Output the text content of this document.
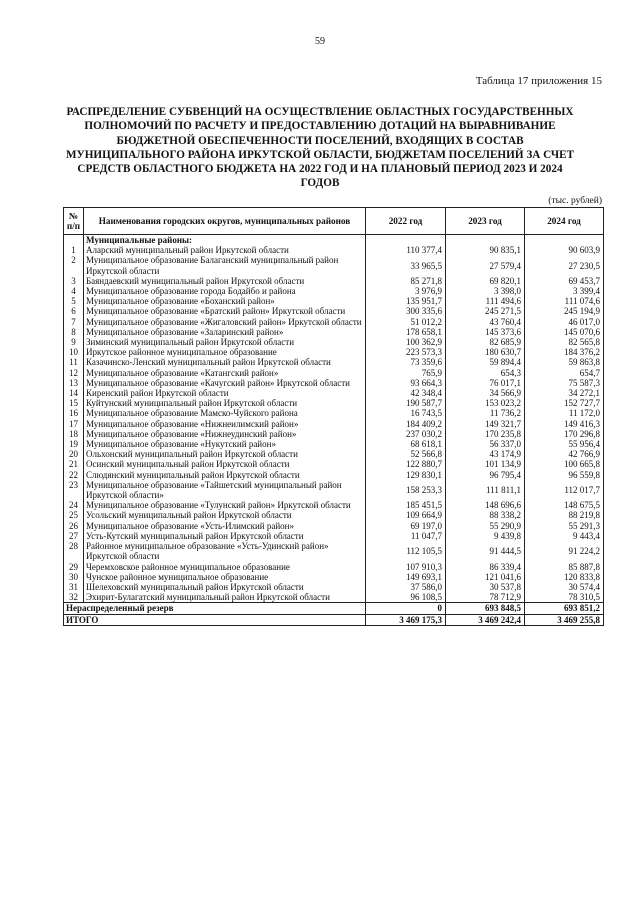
59
Таблица 17 приложения 15
РАСПРЕДЕЛЕНИЕ СУБВЕНЦИЙ НА ОСУЩЕСТВЛЕНИЕ ОБЛАСТНЫХ ГОСУДАРСТВЕННЫХ ПОЛНОМОЧИЙ ПО РАСЧЕТУ И ПРЕДОСТАВЛЕНИЮ ДОТАЦИЙ НА ВЫРАВНИВАНИЕ БЮДЖЕТНОЙ ОБЕСПЕЧЕННОСТИ ПОСЕЛЕНИЙ, ВХОДЯЩИХ В СОСТАВ МУНИЦИПАЛЬНОГО РАЙОНА ИРКУТСКОЙ ОБЛАСТИ, БЮДЖЕТАМ ПОСЕЛЕНИЙ ЗА СЧЕТ СРЕДСТВ ОБЛАСТНОГО БЮДЖЕТА НА 2022 ГОД И НА ПЛАНОВЫЙ ПЕРИОД 2023 И 2024 ГОДОВ
(тыс. рублей)
№ п/п	Наименования городских округов, муниципальных районов	2022 год	2023 год	2024 год
	Муниципальные районы:			
1	Аларский муниципальный район Иркутской области	110 377,4	90 835,1	90 603,9
2	Муниципальное образование Балаганский муниципальный район Иркутской области	33 965,5	27 579,4	27 230,5
3	Баяндаевский муниципальный район Иркутской области	85 271,8	69 820,1	69 453,7
4	Муниципальное образование города Бодайбо и района	3 976,9	3 398,0	3 399,4
5	Муниципальное образование «Боханский район»	135 951,7	111 494,6	111 074,6
6	Муниципальное образование «Братский район» Иркутской области	300 335,6	245 271,5	245 194,9
7	Муниципальное образование «Жигаловский район» Иркутской области	51 012,2	43 760,4	46 017,0
8	Муниципальное образование «Заларинский район»	178 658,1	145 373,6	145 070,6
9	Зиминский муниципальный район Иркутской области	100 362,9	82 685,9	82 565,8
10	Иркутское районное муниципальное образование	223 573,3	180 630,7	184 376,2
11	Казачинско-Ленский муниципальный район Иркутской области	73 359,6	59 894,4	59 863,8
12	Муниципальное образование «Катангский район»	765,9	654,3	654,7
13	Муниципальное образование «Качугский район» Иркутской области	93 664,3	76 017,1	75 587,3
14	Киренский район Иркутской области	42 348,4	34 566,9	34 272,1
15	Куйтунский муниципальный район Иркутской области	190 587,7	153 023,2	152 727,7
16	Муниципальное образование Мамско-Чуйского района	16 743,5	11 736,2	11 172,0
17	Муниципальное образование «Нижнеилимский район»	184 409,2	149 321,7	149 416,3
18	Муниципальное образование «Нижнеудинский район»	237 030,2	170 235,8	170 296,8
19	Муниципальное образование «Нукутский район»	68 618,1	56 337,0	55 956,4
20	Ольхонский муниципальный район Иркутской области	52 566,8	43 174,9	42 766,9
21	Осинский муниципальный район Иркутской области	122 880,7	101 134,9	100 665,8
22	Слюдянский муниципальный район Иркутской области	129 830,1	96 795,4	96 559,8
23	Муниципальное образование «Тайшетский муниципальный район Иркутской области»	158 253,3	111 811,1	112 017,7
24	Муниципальное образование «Тулунский район» Иркутской области	185 451,5	148 696,6	148 675,5
25	Усольский муниципальный район Иркутской области	109 664,9	88 338,2	88 219,8
26	Муниципальное образование «Усть-Илимский район»	69 197,0	55 290,9	55 291,3
27	Усть-Кутский муниципальный район Иркутской области	11 047,7	9 439,8	9 443,4
28	Районное муниципальное образование «Усть-Удинский район» Иркутской области	112 105,5	91 444,5	91 224,2
29	Черемховское районное муниципальное образование	107 910,3	86 339,4	85 887,8
30	Чунское районное муниципальное образование	149 693,1	121 041,6	120 833,8
31	Шелеховский муниципальный район Иркутской области	37 586,0	30 537,8	30 574,4
32	Эхирит-Булагатский муниципальный район Иркутской области	96 108,5	78 712,9	78 310,5
Нераспределенный резерв		0	693 848,5	693 851,2
ИТОГО		3 469 175,3	3 469 242,4	3 469 255,8
